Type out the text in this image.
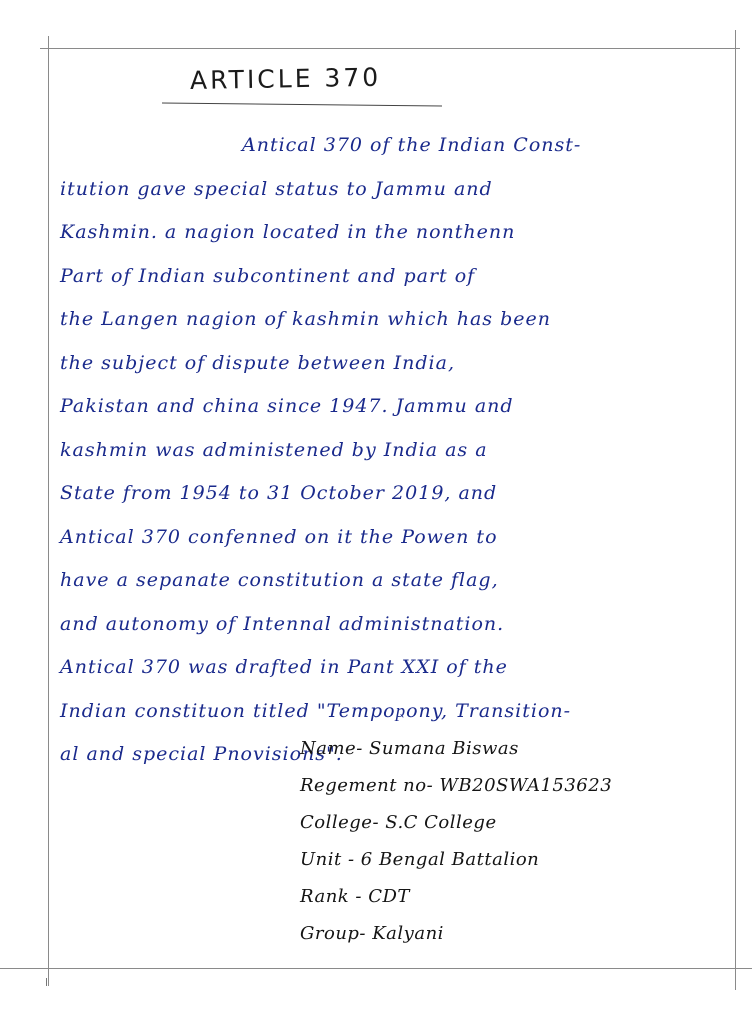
ARTICLE 370
Antical 370 of the Indian Const-
itution gave special status to Jammu and
Kashmin. a nagion located in the nonthenn
Part of Indian subcontinent and part of
the Langen nagion of kashmin which has been
the subject of dispute between India,
Pakistan and china since 1947. Jammu and
kashmin was administened by India as a
State from 1954 to 31 October 2019, and
Antical 370 confenned on it the Powen to
have a sepanate constitution a state flag,
and autonomy of Intennal administnation.
Antical 370 was drafted in Pant XXI of the
Indian constituon titled "Tempoҏony, Transition-
al and special Pnovisions".
Name- Sumana Biswas
Regement no- WB20SWA153623
College- S.C College
Unit - 6 Bengal Battalion
Rank - CDT
Group- Kalyani
